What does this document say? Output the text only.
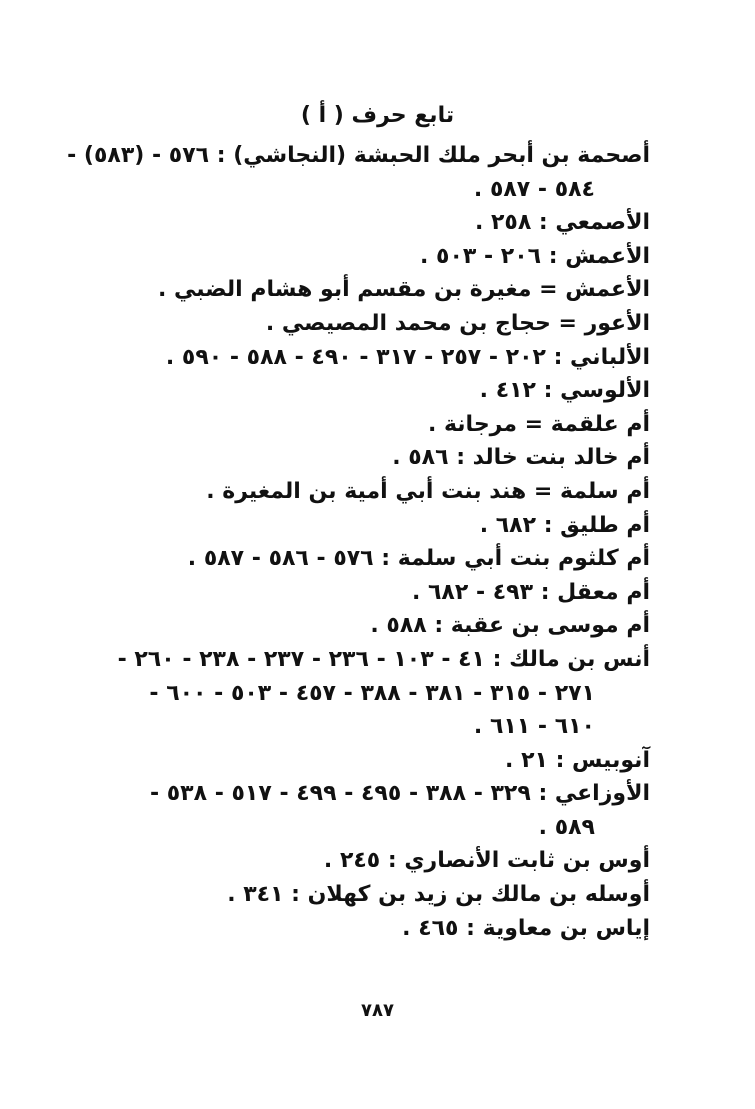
تابع حرف ( أ )
أصحمة بن أبحر ملك الحبشة (النجاشي) : ٥٧٦ - (٥٨٣) -
٥٨٤ - ٥٨٧ .
الأصمعي : ٢٥٨ .
الأعمش : ٢٠٦ - ٥٠٣ .
الأعمش = مغيرة بن مقسم أبو هشام الضبي .
الأعور = حجاج بن محمد المصيصي .
الألباني : ٢٠٢ - ٢٥٧ - ٣١٧ - ٤٩٠ - ٥٨٨ - ٥٩٠ .
الألوسي : ٤١٢ .
أم علقمة = مرجانة .
أم خالد بنت خالد : ٥٨٦ .
أم سلمة = هند بنت أبي أمية بن المغيرة .
أم طليق : ٦٨٢ .
أم كلثوم بنت أبي سلمة : ٥٧٦ - ٥٨٦ - ٥٨٧ .
أم معقل : ٤٩٣ - ٦٨٢ .
أم موسى بن عقبة : ٥٨٨ .
أنس بن مالك : ٤١ - ١٠٣ - ٢٣٦ - ٢٣٧ - ٢٣٨ - ٢٦٠ -
٢٧١ - ٣١٥ - ٣٨١ - ٣٨٨ - ٤٥٧ - ٥٠٣ - ٦٠٠ -
٦١٠ - ٦١١ .
آنوبيس : ٢١ .
الأوزاعي : ٣٢٩ - ٣٨٨ - ٤٩٥ - ٤٩٩ - ٥١٧ - ٥٣٨ -
٥٨٩ .
أوس بن ثابت الأنصاري : ٢٤٥ .
أوسله بن مالك بن زيد بن كهلان : ٣٤١ .
إياس بن معاوية : ٤٦٥ .
٧٨٧
